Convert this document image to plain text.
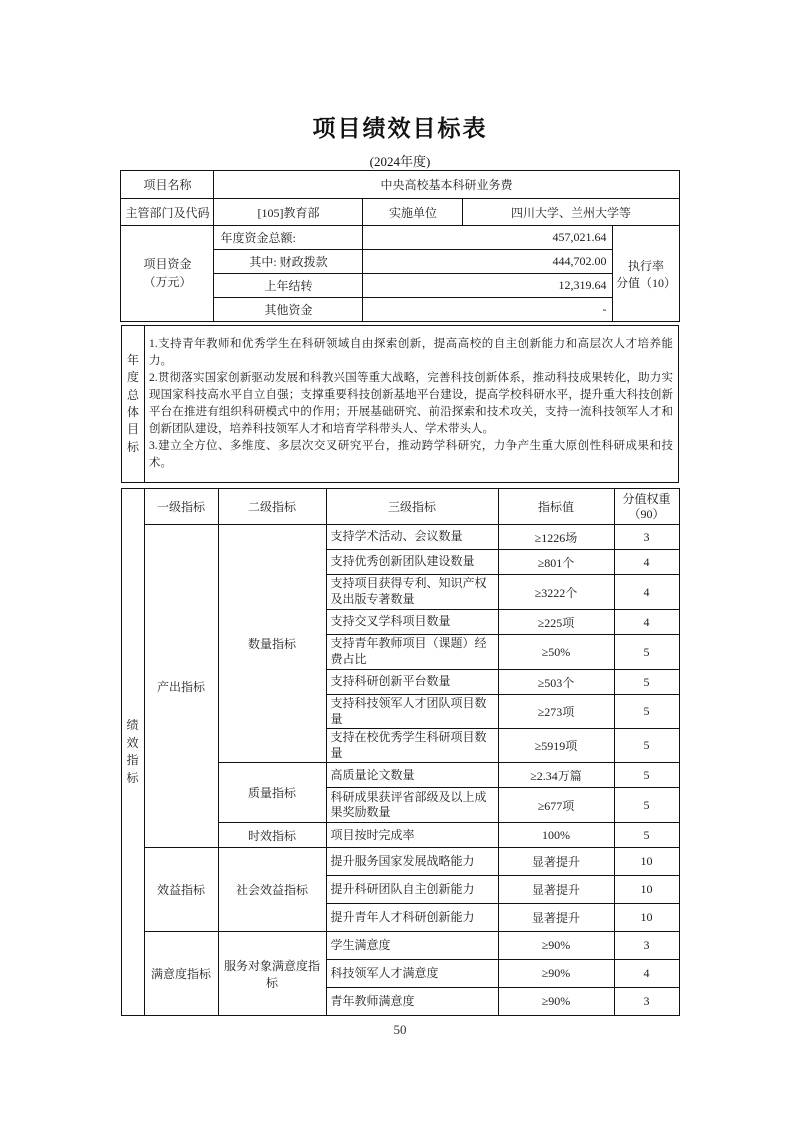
项目绩效目标表
(2024年度)
项目名称	中央高校基本科研业务费			
主管部门及代码	[105]教育部	实施单位	四川大学、兰州大学等	
项目资金
（万元）	年度资金总额:	457,021.64		执行率
分值（10）
	其中: 财政拨款	444,702.00		
	上年结转	12,319.64		
	其他资金	-		
年度总体目标
1.支持青年教师和优秀学生在科研领域自由探索创新，提高高校的自主创新能力和高层次人才培养能力。
2.贯彻落实国家创新驱动发展和科教兴国等重大战略，完善科技创新体系，推动科技成果转化，助力实现国家科技高水平自立自强；支撑重要科技创新基地平台建设，提高学校科研水平，提升重大科技创新平台在推进有组织科研模式中的作用；开展基础研究、前沿探索和技术攻关，支持一流科技领军人才和创新团队建设，培养科技领军人才和培育学科带头人、学术带头人。
3.建立全方位、多维度、多层次交叉研究平台，推动跨学科研究，力争产生重大原创性科研成果和技术。
绩效指标	一级指标	二级指标	三级指标	指标值	分值权重
（90）
	产出指标	数量指标	支持学术活动、会议数量	≥1226场	3
			支持优秀创新团队建设数量	≥801个	4
			支持项目获得专利、知识产权及出版专著数量	≥3222个	4
			支持交叉学科项目数量	≥225项	4
			支持青年教师项目（课题）经费占比	≥50%	5
			支持科研创新平台数量	≥503个	5
			支持科技领军人才团队项目数量	≥273项	5
			支持在校优秀学生科研项目数量	≥5919项	5
		质量指标	高质量论文数量	≥2.34万篇	5
			科研成果获评省部级及以上成果奖励数量	≥677项	5
		时效指标	项目按时完成率	100%	5
	效益指标	社会效益指标	提升服务国家发展战略能力	显著提升	10
			提升科研团队自主创新能力	显著提升	10
			提升青年人才科研创新能力	显著提升	10
	满意度指标	服务对象满意度指标	学生满意度	≥90%	3
			科技领军人才满意度	≥90%	4
			青年教师满意度	≥90%	3
50
